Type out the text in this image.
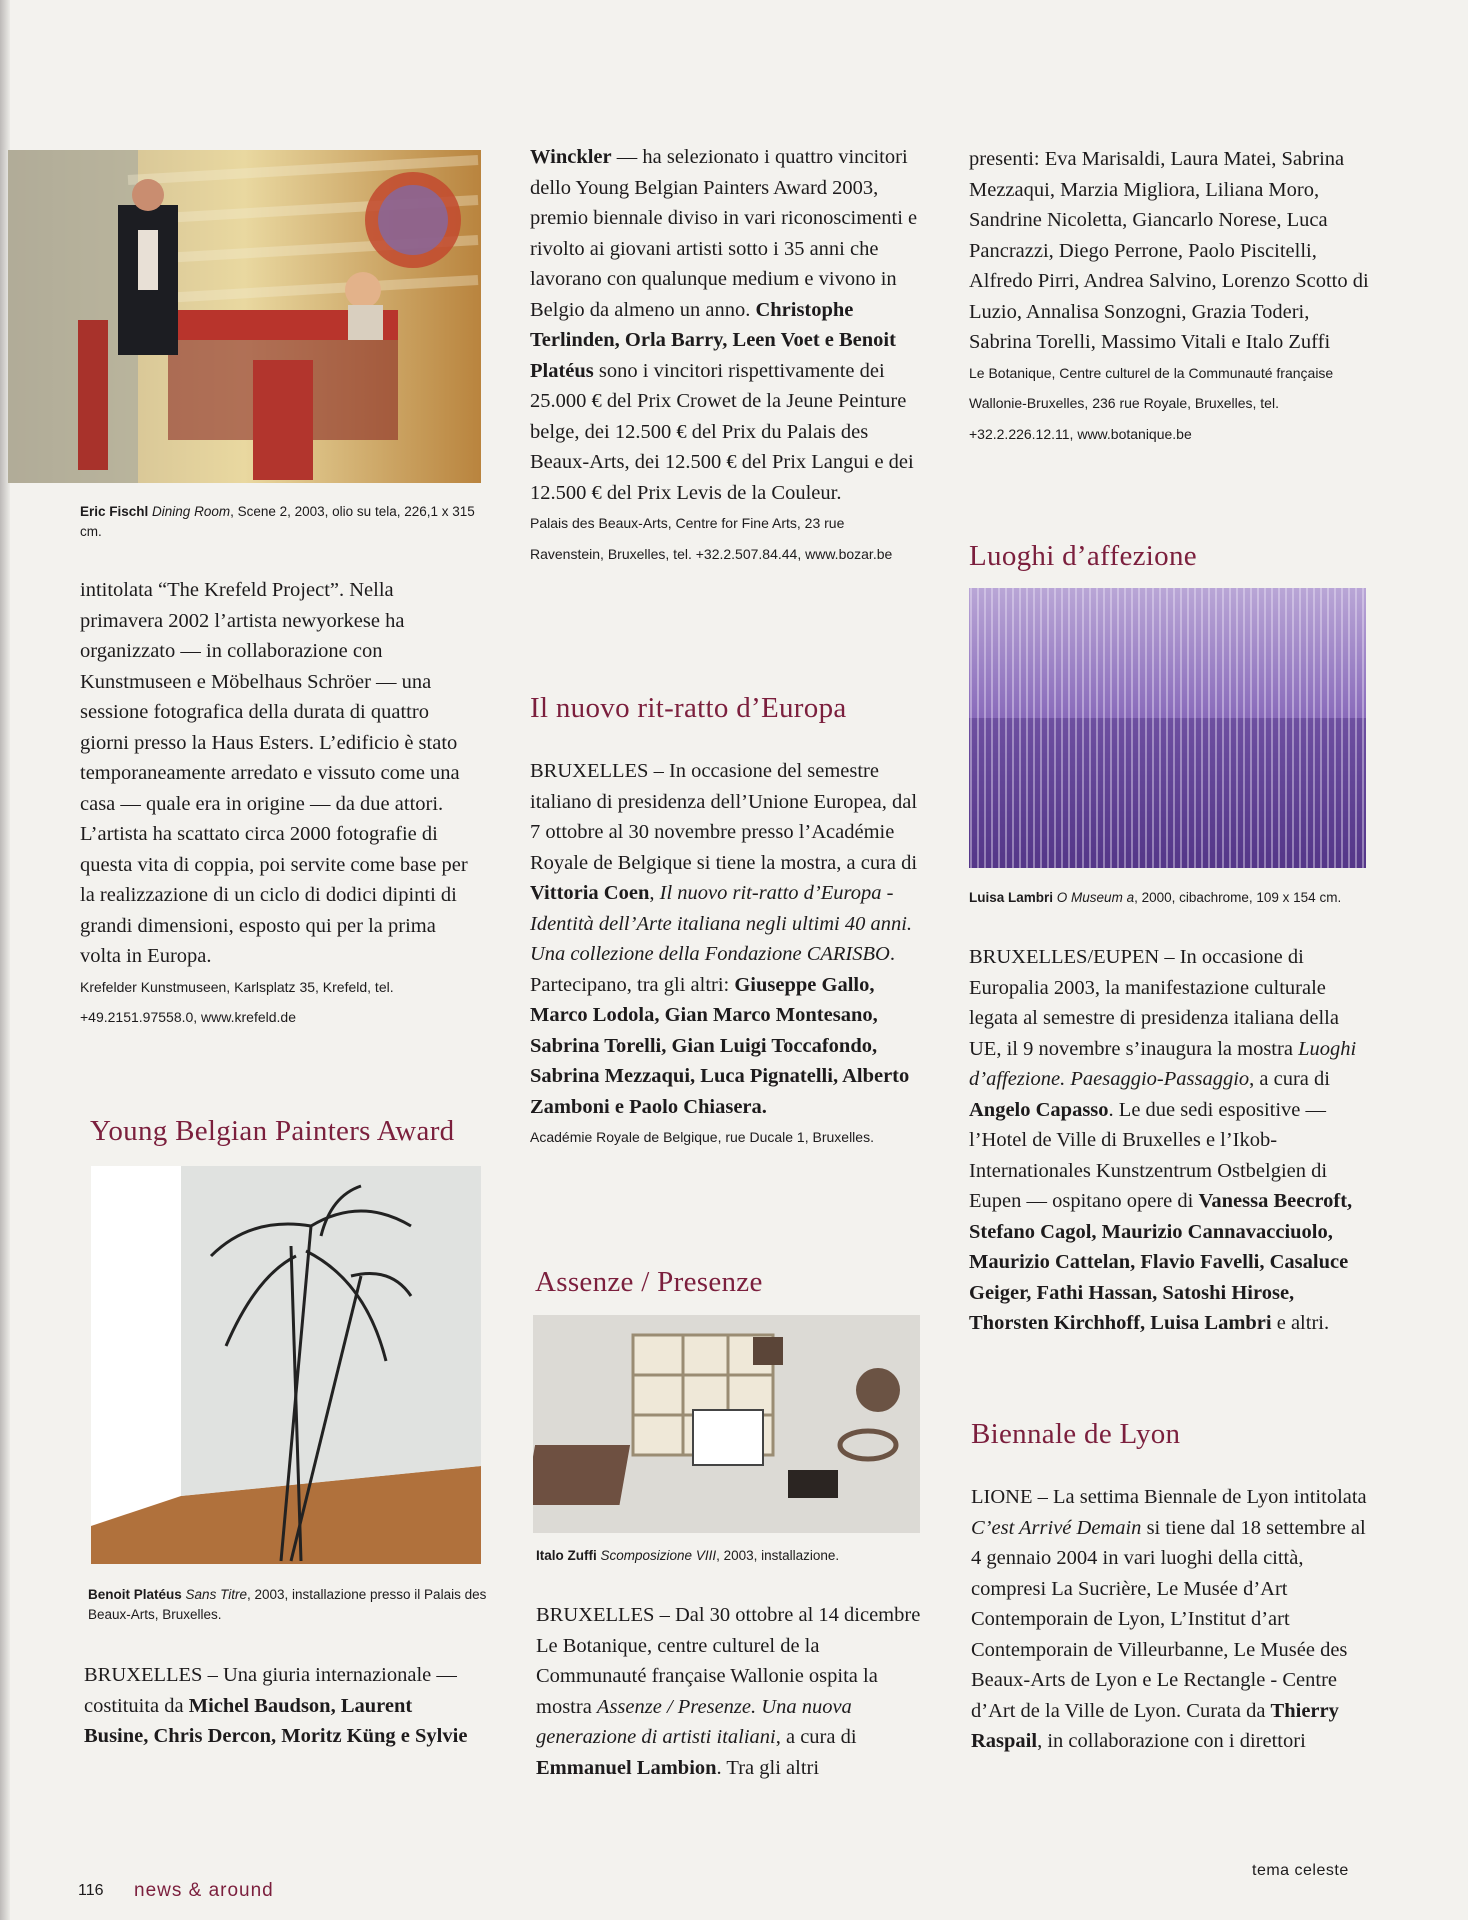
Eric Fischl Dining Room, Scene 2, 2003, olio su tela, 226,1 x 315 cm.

intitolata “The Krefeld Project”. Nella primavera 2002 l’artista newyorkese ha organizzato — in collaborazione con Kunstmuseen e Möbelhaus Schröer — una sessione fotografica della durata di quattro giorni presso la Haus Esters. L’edificio è stato temporaneamente arredato e vissuto come una casa — quale era in origine — da due attori. L’artista ha scattato circa 2000 fotografie di questa vita di coppia, poi servite come base per la realizzazione di un ciclo di dodici dipinti di grandi dimensioni, esposto qui per la prima volta in Europa.

Krefelder Kunstmuseen, Karlsplatz 35, Krefeld, tel. +49.2151.97558.0, www.krefeld.de

Young Belgian Painters Award

Benoit Platéus Sans Titre, 2003, installazione presso il Palais des Beaux-Arts, Bruxelles.

BRUXELLES – Una giuria internazionale — costituita da Michel Baudson, Laurent Busine, Chris Dercon, Moritz Küng e Sylvie

Winckler — ha selezionato i quattro vincitori dello Young Belgian Painters Award 2003, premio biennale diviso in vari riconoscimenti e rivolto ai giovani artisti sotto i 35 anni che lavorano con qualunque medium e vivono in Belgio da almeno un anno. Christophe Terlinden, Orla Barry, Leen Voet e Benoit Platéus sono i vincitori rispettivamente dei 25.000 € del Prix Crowet de la Jeune Peinture belge, dei 12.500 € del Prix du Palais des Beaux-Arts, dei 12.500 € del Prix Langui e dei 12.500 € del Prix Levis de la Couleur.

Palais des Beaux-Arts, Centre for Fine Arts, 23 rue Ravenstein, Bruxelles, tel. +32.2.507.84.44, www.bozar.be

Il nuovo rit-ratto d’Europa

BRUXELLES – In occasione del semestre italiano di presidenza dell’Unione Europea, dal 7 ottobre al 30 novembre presso l’Académie Royale de Belgique si tiene la mostra, a cura di Vittoria Coen, Il nuovo rit-ratto d’Europa - Identità dell’Arte italiana negli ultimi 40 anni. Una collezione della Fondazione CARISBO. Partecipano, tra gli altri: Giuseppe Gallo, Marco Lodola, Gian Marco Montesano, Sabrina Torelli, Gian Luigi Toccafondo, Sabrina Mezzaqui, Luca Pignatelli, Alberto Zamboni e Paolo Chiasera.

Académie Royale de Belgique, rue Ducale 1, Bruxelles.

Assenze / Presenze

Italo Zuffi Scomposizione VIII, 2003, installazione.

BRUXELLES – Dal 30 ottobre al 14 dicembre Le Botanique, centre culturel de la Communauté française Wallonie ospita la mostra Assenze / Presenze. Una nuova generazione di artisti italiani, a cura di Emmanuel Lambion. Tra gli altri

presenti: Eva Marisaldi, Laura Matei, Sabrina Mezzaqui, Marzia Migliora, Liliana Moro, Sandrine Nicoletta, Giancarlo Norese, Luca Pancrazzi, Diego Perrone, Paolo Piscitelli, Alfredo Pirri, Andrea Salvino, Lorenzo Scotto di Luzio, Annalisa Sonzogni, Grazia Toderi, Sabrina Torelli, Massimo Vitali e Italo Zuffi

Le Botanique, Centre culturel de la Communauté française Wallonie-Bruxelles, 236 rue Royale, Bruxelles, tel. +32.2.226.12.11, www.botanique.be

Luoghi d’affezione

Luisa Lambri O Museum a, 2000, cibachrome, 109 x 154 cm.

BRUXELLES/EUPEN – In occasione di Europalia 2003, la manifestazione culturale legata al semestre di presidenza italiana della UE, il 9 novembre s’inaugura la mostra Luoghi d’affezione. Paesaggio-Passaggio, a cura di Angelo Capasso. Le due sedi espositive — l’Hotel de Ville di Bruxelles e l’Ikob-Internationales Kunstzentrum Ostbelgien di Eupen — ospitano opere di Vanessa Beecroft, Stefano Cagol, Maurizio Cannavacciuolo, Maurizio Cattelan, Flavio Favelli, Casaluce Geiger, Fathi Hassan, Satoshi Hirose, Thorsten Kirchhoff, Luisa Lambri e altri.

Biennale de Lyon

LIONE – La settima Biennale de Lyon intitolata C’est Arrivé Demain si tiene dal 18 settembre al 4 gennaio 2004 in vari luoghi della città, compresi La Sucrière, Le Musée d’Art Contemporain de Lyon, L’Institut d’art Contemporain de Villeurbanne, Le Musée des Beaux-Arts de Lyon e Le Rectangle - Centre d’Art de la Ville de Lyon. Curata da Thierry Raspail, in collaborazione con i direttori

116 news & around
tema celeste
